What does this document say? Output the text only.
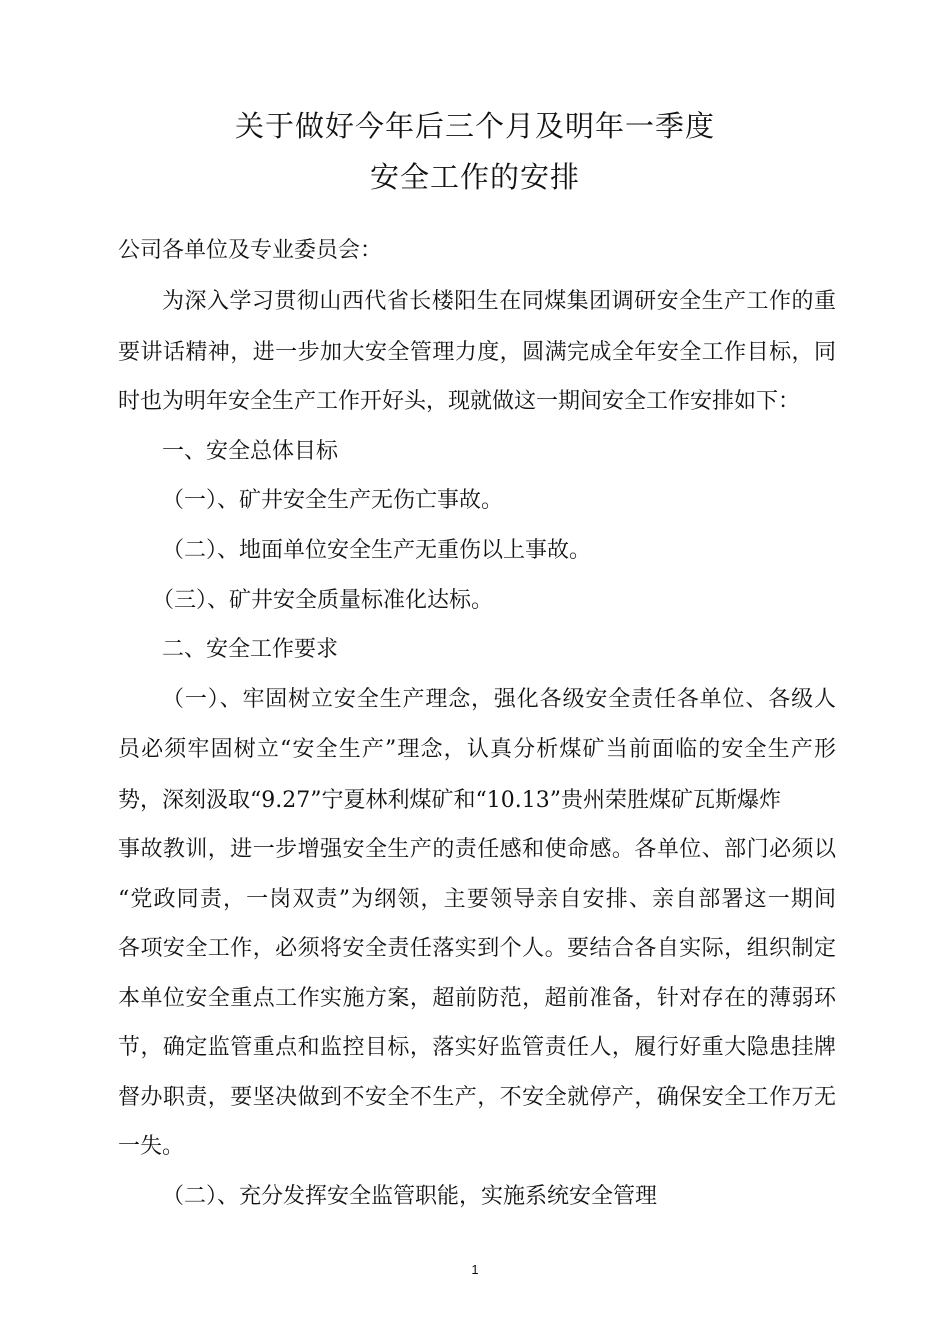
关于做好今年后三个月及明年一季度
安全工作的安排
公司各单位及专业委员会：
为深入学习贯彻山西代省长楼阳生在同煤集团调研安全生产工作的重
要讲话精神，进一步加大安全管理力度，圆满完成全年安全工作目标，同
时也为明年安全生产工作开好头，现就做这一期间安全工作安排如下：
一、安全总体目标
（一）、矿井安全生产无伤亡事故。
（二）、地面单位安全生产无重伤以上事故。
（三）、矿井安全质量标准化达标。
二、安全工作要求
（一）、牢固树立安全生产理念，强化各级安全责任各单位、各级人
员必须牢固树立“安全生产”理念，认真分析煤矿当前面临的安全生产形
势，深刻汲取“9.27”宁夏林利煤矿和“10.13”贵州荣胜煤矿瓦斯爆炸
事故教训，进一步增强安全生产的责任感和使命感。各单位、部门必须以
“党政同责，一岗双责”为纲领，主要领导亲自安排、亲自部署这一期间
各项安全工作，必须将安全责任落实到个人。要结合各自实际，组织制定
本单位安全重点工作实施方案，超前防范，超前准备，针对存在的薄弱环
节，确定监管重点和监控目标，落实好监管责任人，履行好重大隐患挂牌
督办职责，要坚决做到不安全不生产，不安全就停产，确保安全工作万无
一失。
（二）、充分发挥安全监管职能，实施系统安全管理
1
